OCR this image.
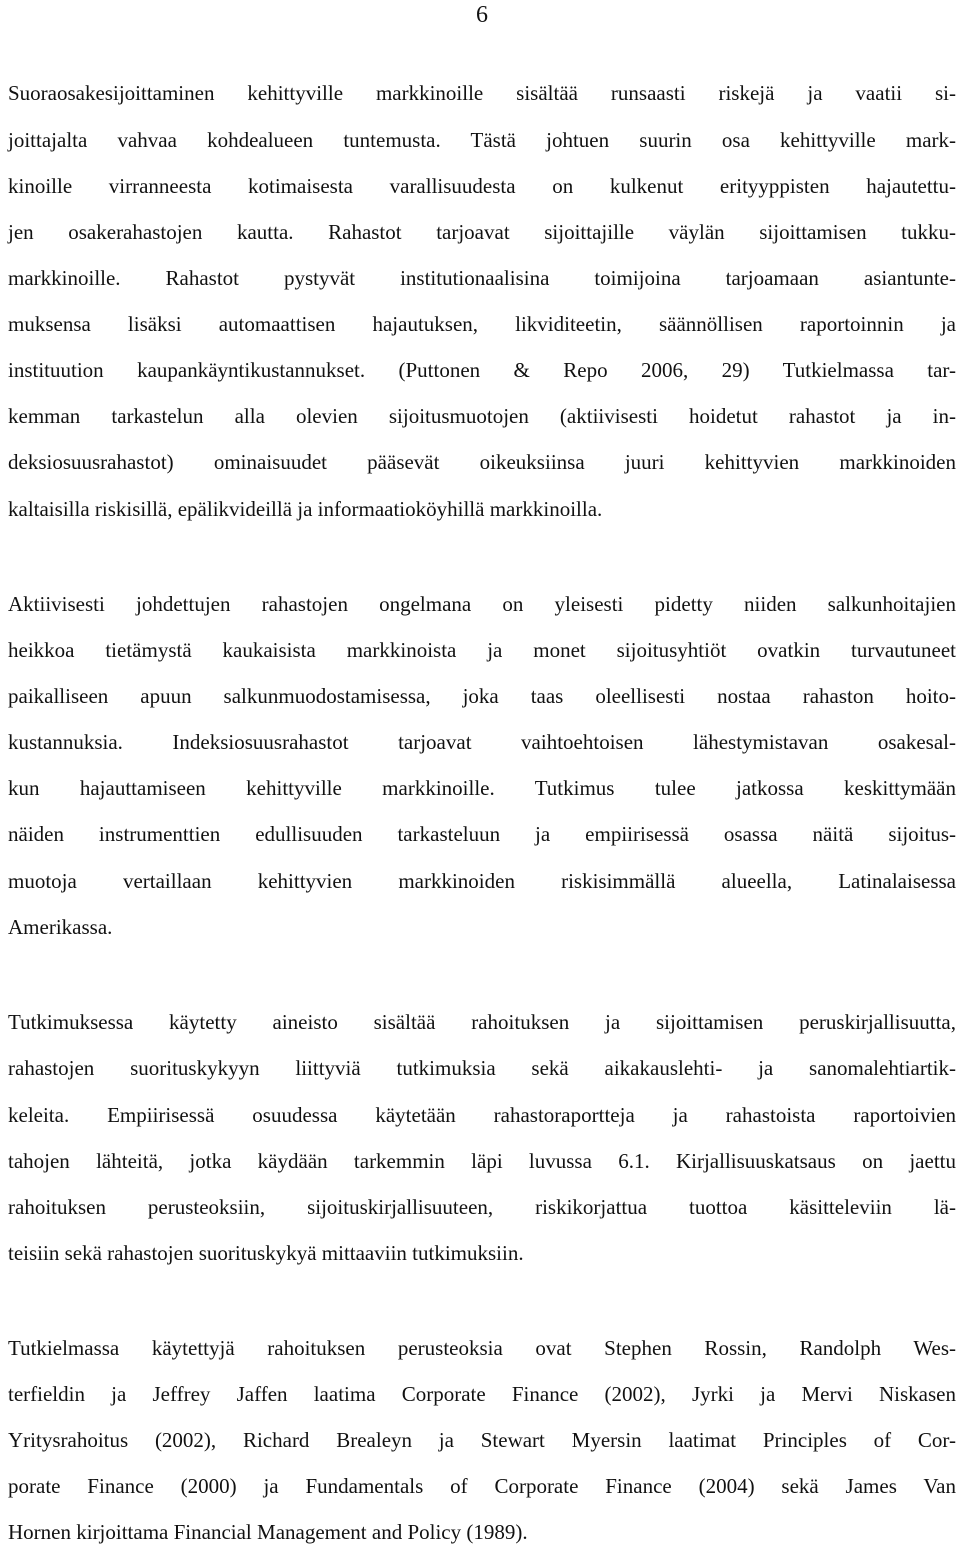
6
Suoraosakesijoittaminen kehittyville markkinoille sisältää runsaasti riskejä ja vaatii si-
joittajalta vahvaa kohdealueen tuntemusta. Tästä johtuen suurin osa kehittyville mark-
kinoille virranneesta kotimaisesta varallisuudesta on kulkenut erityyppisten hajautettu-
jen osakerahastojen kautta. Rahastot tarjoavat sijoittajille väylän sijoittamisen tukku-
markkinoille. Rahastot pystyvät institutionaalisina toimijoina tarjoamaan asiantunte-
muksensa lisäksi automaattisen hajautuksen, likviditeetin, säännöllisen raportoinnin ja
instituution kaupankäyntikustannukset. (Puttonen & Repo 2006, 29) Tutkielmassa tar-
kemman tarkastelun alla olevien sijoitusmuotojen (aktiivisesti hoidetut rahastot ja in-
deksiosuusrahastot) ominaisuudet pääsevät oikeuksiinsa juuri kehittyvien markkinoiden
kaltaisilla riskisillä, epälikvideillä ja informaatioköyhillä markkinoilla.
Aktiivisesti johdettujen rahastojen ongelmana on yleisesti pidetty niiden salkunhoitajien
heikkoa tietämystä kaukaisista markkinoista ja monet sijoitusyhtiöt ovatkin turvautuneet
paikalliseen apuun salkunmuodostamisessa, joka taas oleellisesti nostaa rahaston hoito-
kustannuksia. Indeksiosuusrahastot tarjoavat vaihtoehtoisen lähestymistavan osakesal-
kun hajauttamiseen kehittyville markkinoille. Tutkimus tulee jatkossa keskittymään
näiden instrumenttien edullisuuden tarkasteluun ja empiirisessä osassa näitä sijoitus-
muotoja vertaillaan kehittyvien markkinoiden riskisimmällä alueella, Latinalaisessa
Amerikassa.
Tutkimuksessa käytetty aineisto sisältää rahoituksen ja sijoittamisen peruskirjallisuutta,
rahastojen suorituskykyyn liittyviä tutkimuksia sekä aikakauslehti- ja sanomalehtiartik-
keleita. Empiirisessä osuudessa käytetään rahastoraportteja ja rahastoista raportoivien
tahojen lähteitä, jotka käydään tarkemmin läpi luvussa 6.1. Kirjallisuuskatsaus on jaettu
rahoituksen perusteoksiin, sijoituskirjallisuuteen, riskikorjattua tuottoa käsitteleviin lä-
teisiin sekä rahastojen suorituskykyä mittaaviin tutkimuksiin.
Tutkielmassa käytettyjä rahoituksen perusteoksia ovat Stephen Rossin, Randolph Wes-
terfieldin ja Jeffrey Jaffen laatima Corporate Finance (2002), Jyrki ja Mervi Niskasen
Yritysrahoitus (2002), Richard Brealeyn ja Stewart Myersin laatimat Principles of Cor-
porate Finance (2000) ja Fundamentals of Corporate Finance (2004) sekä James Van
Hornen kirjoittama Financial Management and Policy (1989).
